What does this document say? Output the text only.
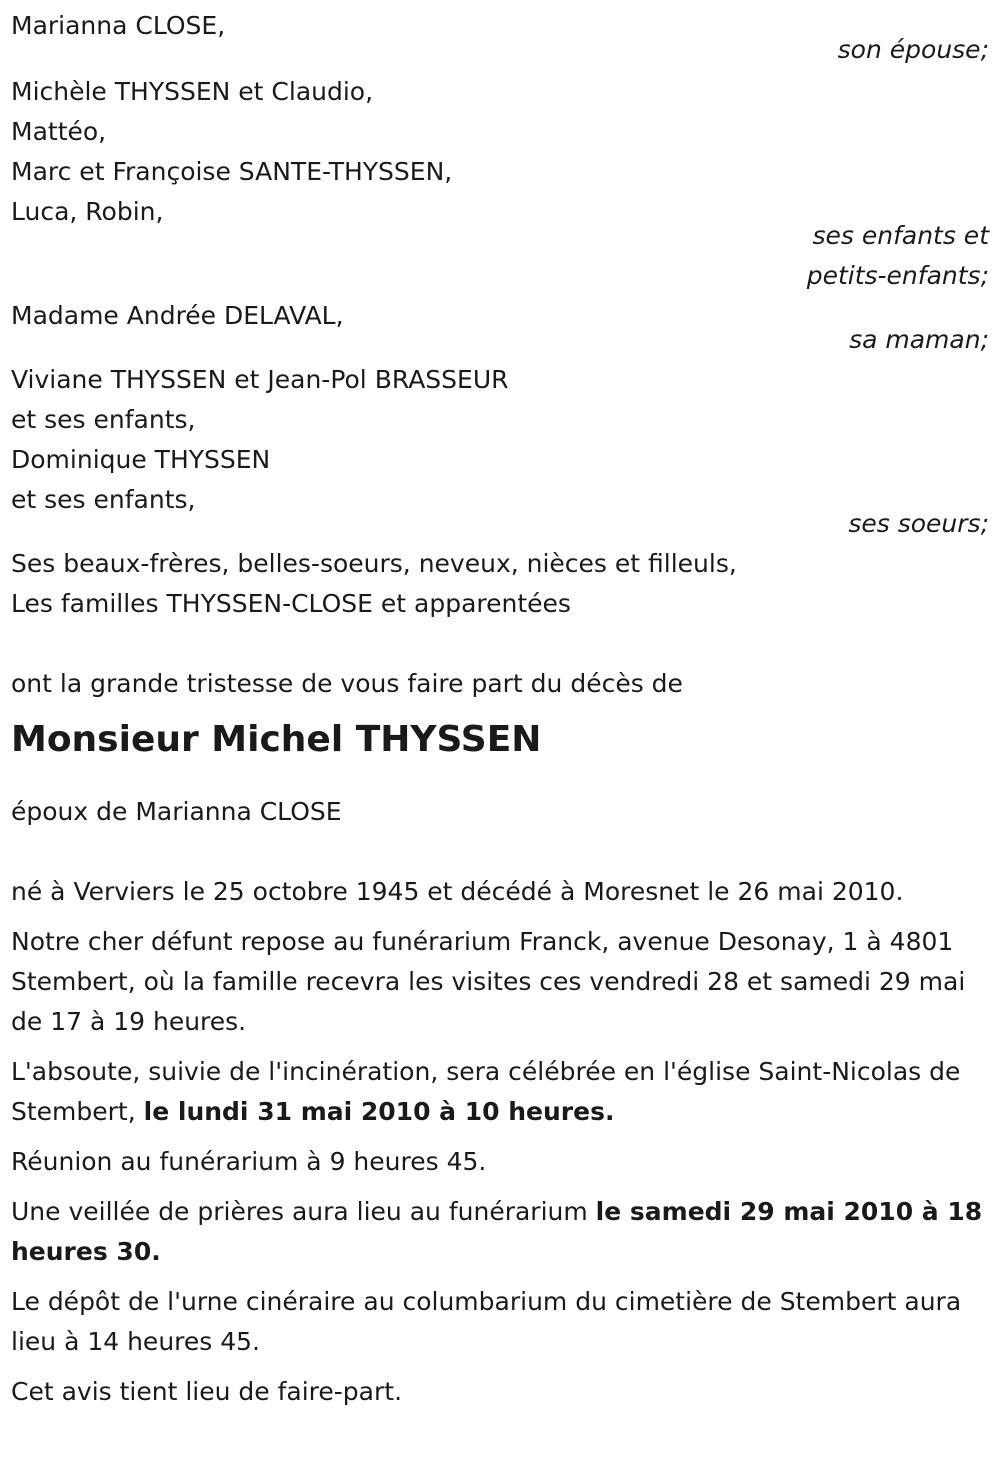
Marianna CLOSE,
son épouse;
Michèle THYSSEN et Claudio,
Mattéo,
Marc et Françoise SANTE-THYSSEN,
Luca, Robin,
ses enfants et
petits-enfants;
Madame Andrée DELAVAL,
sa maman;
Viviane THYSSEN et Jean-Pol BRASSEUR
et ses enfants,
Dominique THYSSEN
et ses enfants,
ses soeurs;
Ses beaux-frères, belles-soeurs, neveux, nièces et filleuls,
Les familles THYSSEN-CLOSE et apparentées
ont la grande tristesse de vous faire part du décès de
Monsieur Michel THYSSEN
époux de Marianna CLOSE
né à Verviers le 25 octobre 1945 et décédé à Moresnet le 26 mai 2010.
Notre cher défunt repose au funérarium Franck, avenue Desonay, 1 à 4801 Stembert, où la famille recevra les visites ces vendredi 28 et samedi 29 mai de 17 à 19 heures.
L'absoute, suivie de l'incinération, sera célébrée en l'église Saint-Nicolas de Stembert, le lundi 31 mai 2010 à 10 heures.
Réunion au funérarium à 9 heures 45.
Une veillée de prières aura lieu au funérarium le samedi 29 mai 2010 à 18 heures 30.
Le dépôt de l'urne cinéraire au columbarium du cimetière de Stembert aura lieu à 14 heures 45.
Cet avis tient lieu de faire-part.
